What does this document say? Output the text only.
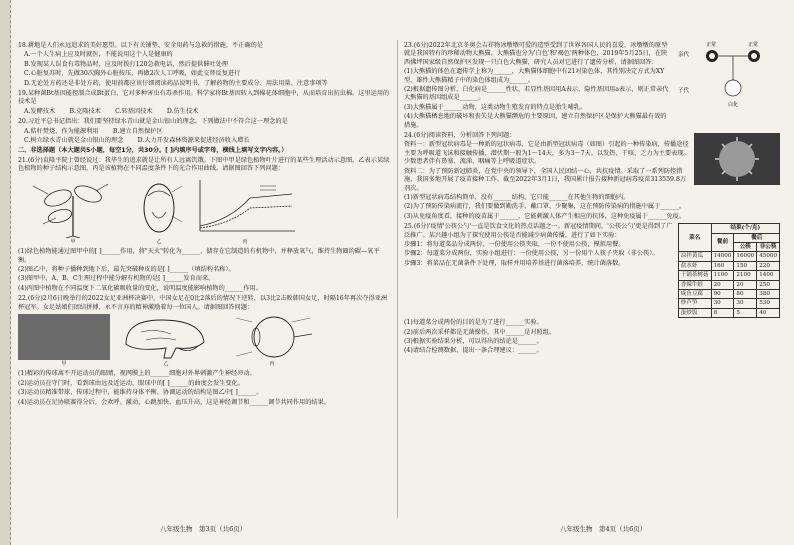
18.耕地是人们永远追求的美好愿望。以下有关铺垫、安全用药与急救的措施，不正确的是

A.一个人生病上应及时就医，不能说用这个人是健康的

B.发现某人误食有毒物品时，应及时拨打120急救电话，然后提供催吐处理

C.心脏复苏时，先做30次胸外心脏按压，再做2次人工呼吸，如此交替反复进行

D.无论处方药还是非处方药，使用前都应该仔细阅读药品说明书，了解药物的主要成分、用法用量、注意事项等

19.某种菌Bt基因能控制合成Bt蛋白，它对多种害虫有毒杀作用。科学家将Bt基因转入到棉花体细胞中，从而培育出抗虫棉。这里运用的技术是

A.发酵技术　　 B.克隆技术　　 C.转基因技术　　 D.仿生技术

20.习近平总书记指出：我们要坚持绿水青山就是金山银山的理念。下列做法中不符合这一理念的是

A.秸秆焚烧、作为能源利用　　 B.建立自然保护区

C.树立绿水青山就是金山银山的理念　　 D.大力开发森林资源来促进经济收入增长

二、非选择题（本大题共5小题，每空1分，共30分。[ ]内填序号或字母，横线上填写文字内容。）

21.(6分)袁隆平院士曾经说过：我毕生的追求就是让所有人远离饥饿。下图中甲是绿色植物叶片进行的某些生理活动示意图，乙表示某绿色植物的种子结构示意图，丙是该植物在不同温度条件下的光合作用曲线。请据图回答下列问题：

甲	乙	丙

(1)绿色植物能通过图甲中的[ ]______作用，将"天火"转化为______，储存在它制造的有机物中，并释放氧气，维持生物圈的碳—氧平衡。

(2)图乙中，将种子播种到地下后，最先突破种皮的是[ ]______（填结构名称）。

(3)图甲中，A、B、C生理过程中能分解有机物的是[ ]______发育而来。

(4)丙图中植物在不同温度下二氧化碳吸收量的变化，说明温度能影响植物的______作用。

22.(6分)2月6日晚举行的2022女足亚洲杯决赛中，中国女足在0比2落后的情况下逆转，以3比2击败韩国女足，时隔16年再次夺得亚洲杯冠军。女足姑娘们团结拼搏、永不言弃的精神激励着每一位国人。请据图回答问题：

甲	乙	丙

(1)精彩的传球离不开运动员的眼睛，视网膜上的______细胞对外界刺激产生神经冲动。

(2)运动员在守门时，看到球由远及近运动，眼球中的[ ]______的曲度会发生变化。

(3)运动员精准带球、传球过程中，能维持身体平衡、协调运动的结构是图乙中[ ]______。

(4)运动员在足协联赛得分后，会欢呼、激动，心跳加快、血压升高，这是神经调节和______调节共同作用的结果。

亲代
子代
正常	正常
白化

23.(6分)2022年北京冬奥会吉祥物冰墩墩可爱的造型受到了世界各国人民的喜爱，冰墩墩的原型就是我国特有的珍稀动物大熊猫。大熊猫也分为'白色'和'褐色'两种体色，2019年5月25日，在陕西佛坪国家级自然保护区发现一只白色大熊猫，研究人员对它进行了遗传分析，请据图回答：

(1)大熊猫的体色在遗传学上称为______，大熊猫体细胞中有21对染色体，其性别决定方式为XY型，雄性大熊猫精子中的染色体组成为______。

(2)根据遗传图分析，白化病是______性状，若显性基因用A表示，隐性基因用a表示，则正常亲代大熊猫的基因组成是______。

(3)大熊猫属于______动物，这类动物生殖发育的特点是胎生哺乳。

(4)大熊猫栖息地的破坏和丧失是大熊猫濒危的主要原因，建立自然保护区是保护大熊猫最有效的措施。

24.(6分)阅读资料，分析回答下列问题：

资料一：新型冠状病毒是一种新的冠状病毒，它是由新型冠状病毒（如图）引起的一种传染病，传播途径主要为呼吸道飞沫和接触传播，潜伏期一般为1～14天，多为3～7天。以发热、干咳、乏力为主要表现。少数患者伴有鼻塞、流涕、咽痛等上呼吸道症状。

资料二：为了预防新冠肺炎，在党中央的领导下，全国人民团结一心，共抗疫情。采取了一系列防控措施，我国多地开展了疫苗接种工作。截至2022年3月1日，我国累计报告接种新冠病毒疫苗313559.8万剂次。

(1)新型冠状病毒结构简单，没有______结构，它只能______在其他生物的细胞内。

(2)为了预防传染病流行，我们要做到勤洗手、戴口罩、少聚集，这在预防传染病的措施中属于______。

(3)从免疫角度看，接种的疫苗属于______，它能刺激人体产生相应的抗体，这种免疫属于______免疫。

菜名	结果(个/克)		
	餐前	餐后	
		公筷	非公筷
凉拌黄瓜	14000	16000	45000
盐水虾	160	150	220
干锅茶树菇	1100	2100	1400
香辣牛蛙	20	20	250
咸鱼豆腐	90	80	380
炒芦笋	30	30	530
蛋炒饭	8	5	40

25.(6分)'疫情'公筷公勺'一直是饮食文化的热点话题之一。新冠疫情期间，'公筷公勺'更是得到了广泛推广。某兴趣小组为了探究使用公筷是否能减少病菌传播，进行了如下实验：

步骤1：将每道菜品分成两份，一份使用公筷夹取，一份不使用公筷，模拟用餐。

步骤2：每道菜分成两份，实验小组进行：一份使用公筷，另一份用个人筷子夹取（非公筷）。

步骤3：将菜品在无菌条件下处理，取样并用培养基进行菌落培养，统计菌落数。

(1)每道菜分成两份的目的是为了进行______实验。

(2)前后两次采样都是无菌操作，其中______是对照组。

(3)根据实验结果分析，可以得出的结论是______。

(4)请结合检测数据，提出一条合理建议：______。

八年级生物　第3页（共6页）	八年级生物　第4页（共6页）
